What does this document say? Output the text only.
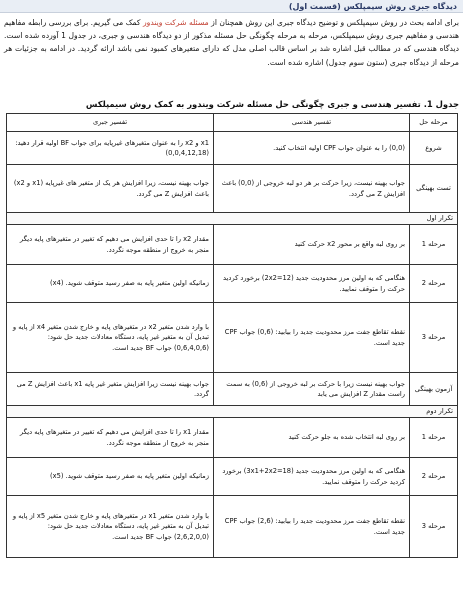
دیدگاه جبری روش سیمپلکس (قسمت اول)

برای ادامه بحث در روش سیمپلکس و توضیح دیدگاه جبری این روش همچنان از مسئله شرکت ویندور کمک می گیریم. برای بررسی رابطه مفاهیم هندسی و مفاهیم جبری روش سیمپلکس، مرحله به مرحله چگونگی حل مسئله مذکور از دو دیدگاه هندسی و جبری، در جدول 1 آورده شده است. دیدگاه هندسی که در مطالب قبل اشاره شد بر اساس قالب اصلی مدل که دارای متغیرهای کمبود نمی باشد ارائه گردید. در ادامه به جزئیات هر مرحله از دیدگاه جبری (ستون سوم جدول) اشاره شده است.

جدول 1. تفسیر هندسی و جبری چگونگی حل مسئله شرکت ویندور به کمک روش سیمپلکس

مرحله حل	تفسیر هندسی	تفسیر جبری
شروع	(0,0) را به عنوان جواب CPF اولیه انتخاب کنید.	x1 و x2 را به عنوان متغیرهای غیرپایه برای جواب BF اولیه قرار دهید: (0,0,4,12,18)
تست بهینگی	جواب بهینه نیست، زیرا حرکت بر هر دو لبه خروجی از (0,0) باعث افزایش Z می گردد.	جواب بهینه نیست، زیرا افزایش هر یک از متغیر های غیرپایه (x1 و x2) باعث افزایش Z می گردد.
تکرار اول		
مرحله 1	بر روی لبه واقع بر محور x2 حرکت کنید	مقدار x2 را تا حدی افزایش می دهیم که تغییر در متغیرهای پایه دیگر منجر به خروج از منطقه موجه نگردد.
مرحله 2	هنگامی که به اولین مرز محدودیت جدید (2x2=12) برخورد کردید حرکت را متوقف نمایید.	زمانیکه اولین متغیر پایه به صفر رسید متوقف شوید. (x4)
مرحله 3	نقطه تقاطع جفت مرز محدودیت جدید را بیابید: (0,6) جواب CPF جدید است.	با وارد شدن متغیر x2 در متغیرهای پایه و خارج شدن متغیر x4 از پایه و تبدیل آن به متغیر غیر پایه، دستگاه معادلات جدید حل شود: (0,6,4,0,6) جواب BF جدید است.
آزمون بهینگی	جواب بهینه نیست زیرا با حرکت بر لبه خروجی از (0,6) به سمت راست مقدار Z افزایش می یابد	جواب بهینه نیست زیرا افزایش متغیر غیر پایه x1 باعث افزایش Z می گردد.
تکرار دوم		
مرحله 1	بر روی لبه انتخاب شده به جلو حرکت کنید	مقدار x1 را تا حدی افزایش می دهیم که تغییر در متغیرهای پایه دیگر منجر به خروج از منطقه موجه نگردد.
مرحله 2	هنگامی که به اولین مرز محدودیت جدید (3x1+2x2=18) برخورد کردید حرکت را متوقف نمایید.	زمانیکه اولین متغیر پایه به صفر رسید متوقف شوید. (x5)
مرحله 3	نقطه تقاطع جفت مرز محدودیت جدید را بیابید: (2,6) جواب CPF جدید است.	با وارد شدن متغیر x1 در متغیرهای پایه و خارج شدن متغیر x5 از پایه و تبدیل آن به متغیر غیر پایه، دستگاه معادلات جدید حل شود: (2,6,2,0,0) جواب BF جدید است.
